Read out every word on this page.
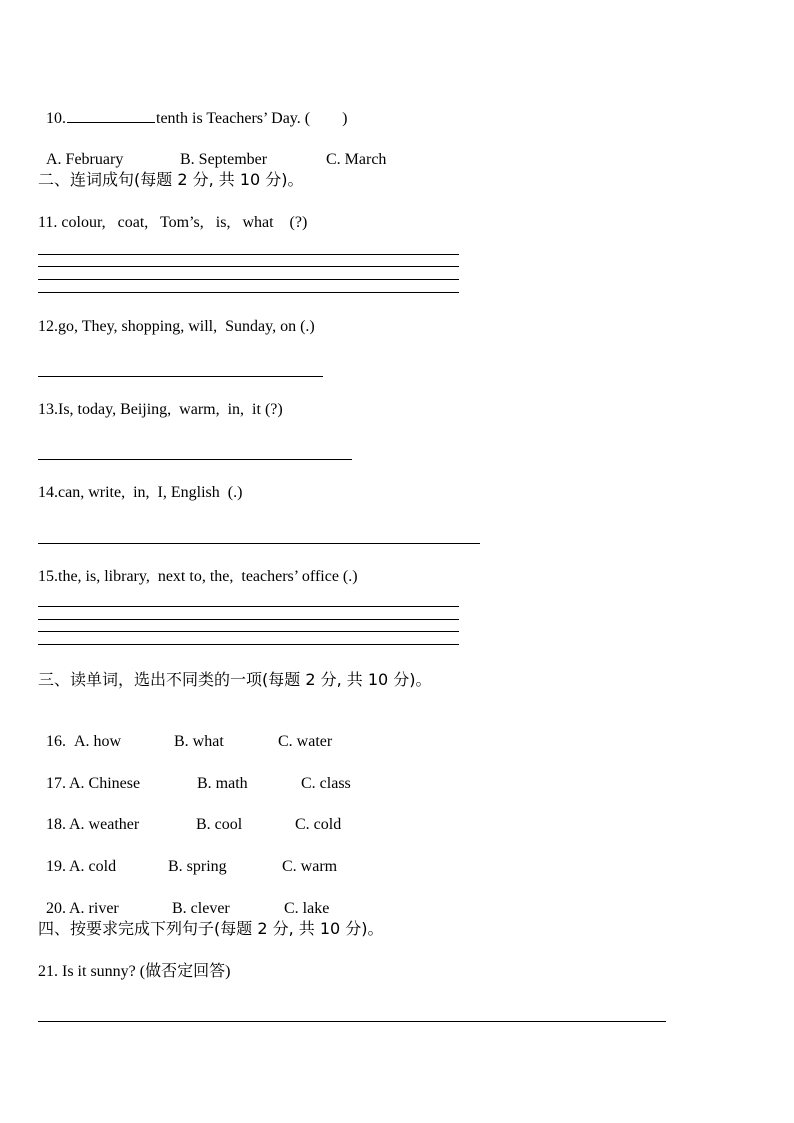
10.	tenth is Teachers’ Day. (        )

A. February	B. September	C. March

二、连词成句(每题 2 分, 共 10 分)。
11. colour,   coat,   Tom’s,   is,   what    (?)
12.go, They, shopping, will,  Sunday, on (.)
13.Is, today, Beijing,  warm,  in,  it (?)
14.can, write,  in,  I, English  (.)
15.the, is, library,  next to, the,  teachers’ office (.)
三、读单词，选出不同类的一项(每题 2 分, 共 10 分)。

16. A. how	B. what	C. water

17. A. Chinese	B. math	C. class

18. A. weather	B. cool	C. cold

19. A. cold	B. spring	C. warm

20. A. river	B. clever	C. lake

四、按要求完成下列句子(每题 2 分, 共 10 分)。
21. Is it sunny? (做否定回答)
